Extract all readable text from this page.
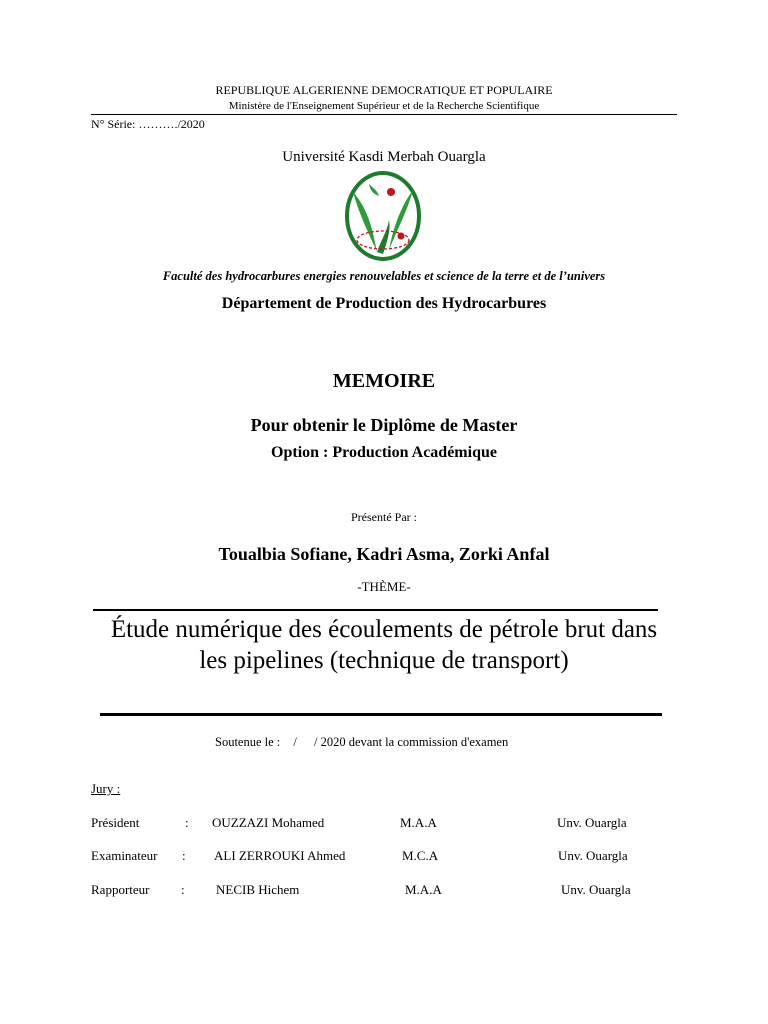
REPUBLIQUE ALGERIENNE DEMOCRATIQUE ET POPULAIRE
Ministère de l'Enseignement Supérieur et de la Recherche Scientifique
N° Série: ………./2020
Université Kasdi Merbah Ouargla
Faculté des hydrocarbures energies renouvelables et science de la terre et de l’univers
Département de Production des Hydrocarbures
MEMOIRE
Pour obtenir le Diplôme de Master
Option : Production Académique
Présenté Par :
Toualbia Sofiane, Kadri Asma, Zorki Anfal
-THÈME-
Étude numérique des écoulements de pétrole brut dans les pipelines (technique de transport)
Soutenue le : / / 2020 devant la commission d'examen
Jury :
Président	: OUZZAZI Mohamed	M.A.A	Unv. Ouargla
Examinateur : ALI ZERROUKI Ahmed	M.C.A	Unv. Ouargla
Rapporteur : NECIB Hichem	M.A.A	Unv. Ouargla
